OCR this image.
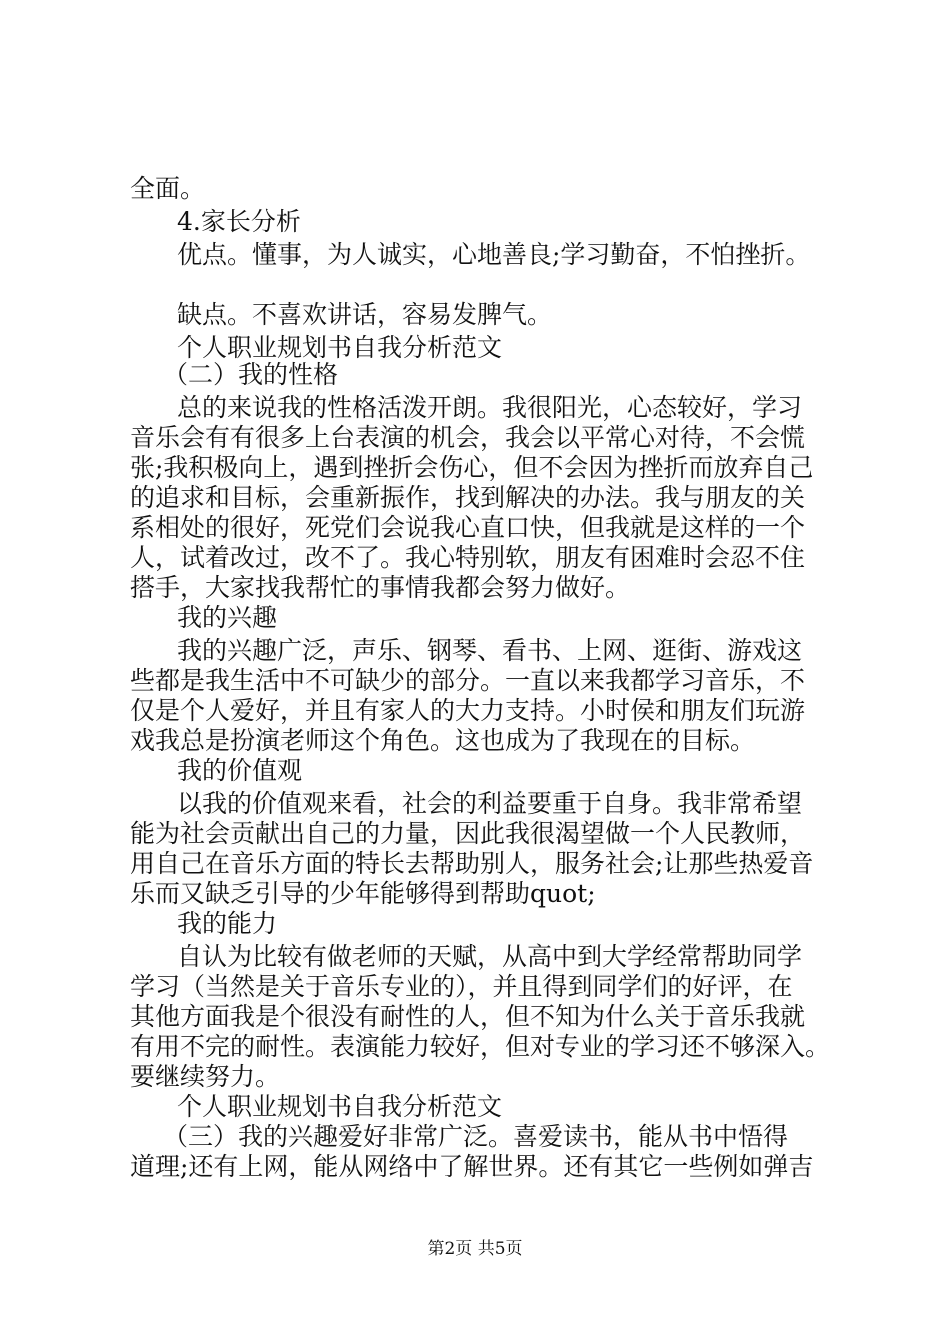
全面。
4.家长分析
优点。懂事，为人诚实，心地善良;学习勤奋，不怕挫折。
缺点。不喜欢讲话，容易发脾气。
个人职业规划书自我分析范文
（二）我的性格
总的来说我的性格活泼开朗。我很阳光，心态较好，学习
音乐会有有很多上台表演的机会，我会以平常心对待，不会慌
张;我积极向上，遇到挫折会伤心，但不会因为挫折而放弃自己
的追求和目标，会重新振作，找到解决的办法。我与朋友的关
系相处的很好，死党们会说我心直口快，但我就是这样的一个
人，试着改过，改不了。我心特别软，朋友有困难时会忍不住
搭手，大家找我帮忙的事情我都会努力做好。
我的兴趣
我的兴趣广泛，声乐、钢琴、看书、上网、逛街、游戏这
些都是我生活中不可缺少的部分。一直以来我都学习音乐，不
仅是个人爱好，并且有家人的大力支持。小时侯和朋友们玩游
戏我总是扮演老师这个角色。这也成为了我现在的目标。
我的价值观
以我的价值观来看，社会的利益要重于自身。我非常希望
能为社会贡献出自己的力量，因此我很渴望做一个人民教师，
用自己在音乐方面的特长去帮助别人，服务社会;让那些热爱音
乐而又缺乏引导的少年能够得到帮助quot;
我的能力
自认为比较有做老师的天赋，从高中到大学经常帮助同学
学习（当然是关于音乐专业的），并且得到同学们的好评，在
其他方面我是个很没有耐性的人，但不知为什么关于音乐我就
有用不完的耐性。表演能力较好，但对专业的学习还不够深入。
要继续努力。
个人职业规划书自我分析范文
（三）我的兴趣爱好非常广泛。喜爱读书，能从书中悟得
道理;还有上网，能从网络中了解世界。还有其它一些例如弹吉
第2页 共5页
